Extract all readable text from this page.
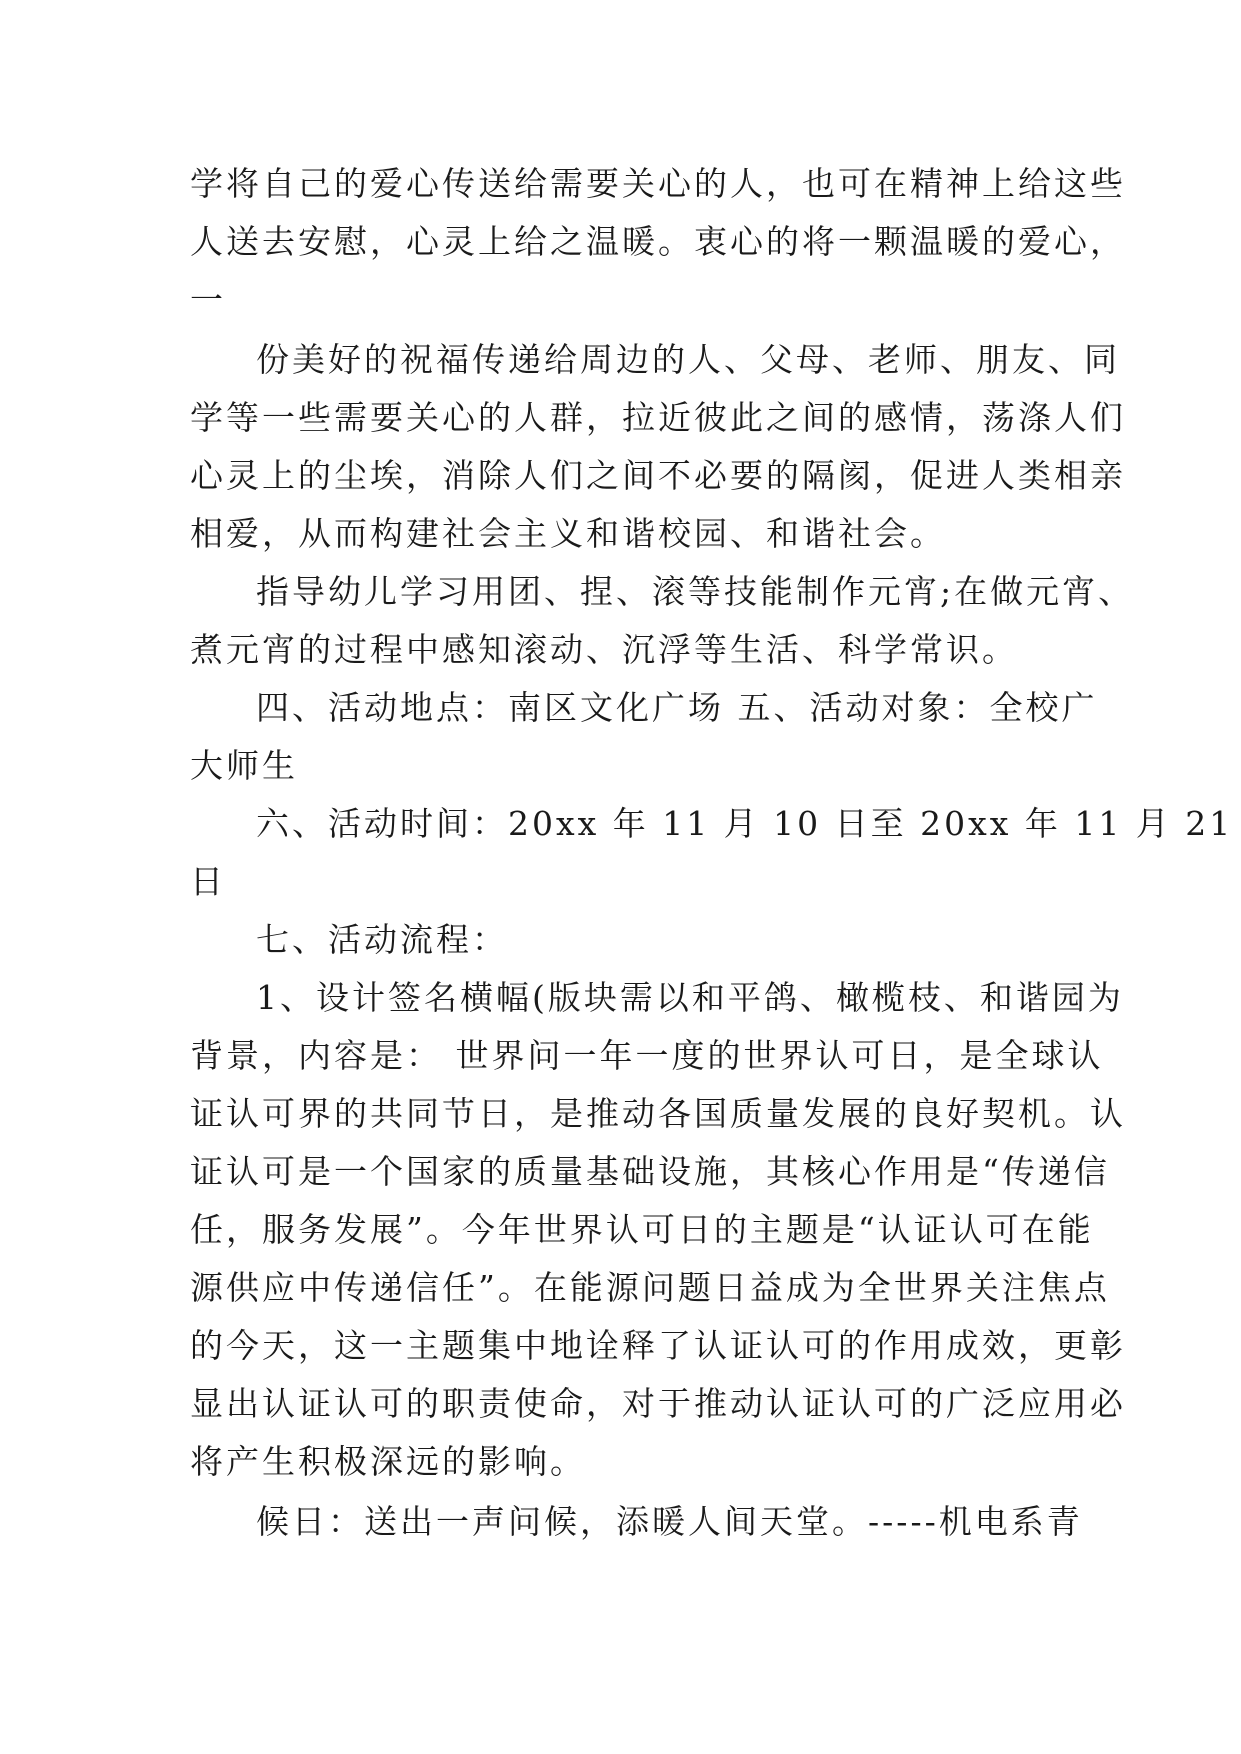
学将自己的爱心传送给需要关心的人，也可在精神上给这些
人送去安慰，心灵上给之温暖。衷心的将一颗温暖的爱心，
一
份美好的祝福传递给周边的人、父母、老师、朋友、同
学等一些需要关心的人群，拉近彼此之间的感情，荡涤人们
心灵上的尘埃，消除人们之间不必要的隔阂，促进人类相亲
相爱，从而构建社会主义和谐校园、和谐社会。
指导幼儿学习用团、捏、滚等技能制作元宵;在做元宵、
煮元宵的过程中感知滚动、沉浮等生活、科学常识。
四、活动地点：南区文化广场 五、活动对象：全校广
大师生
六、活动时间：20xx 年 11 月 10 日至 20xx 年 11 月 21
日
七、活动流程：
1、设计签名横幅(版块需以和平鸽、橄榄枝、和谐园为
背景，内容是： 世界问一年一度的世界认可日，是全球认
证认可界的共同节日，是推动各国质量发展的良好契机。认
证认可是一个国家的质量基础设施，其核心作用是“传递信
任，服务发展”。今年世界认可日的主题是“认证认可在能
源供应中传递信任”。在能源问题日益成为全世界关注焦点
的今天，这一主题集中地诠释了认证认可的作用成效，更彰
显出认证认可的职责使命，对于推动认证认可的广泛应用必
将产生积极深远的影响。
候日：送出一声问候，添暖人间天堂。-----机电系青
